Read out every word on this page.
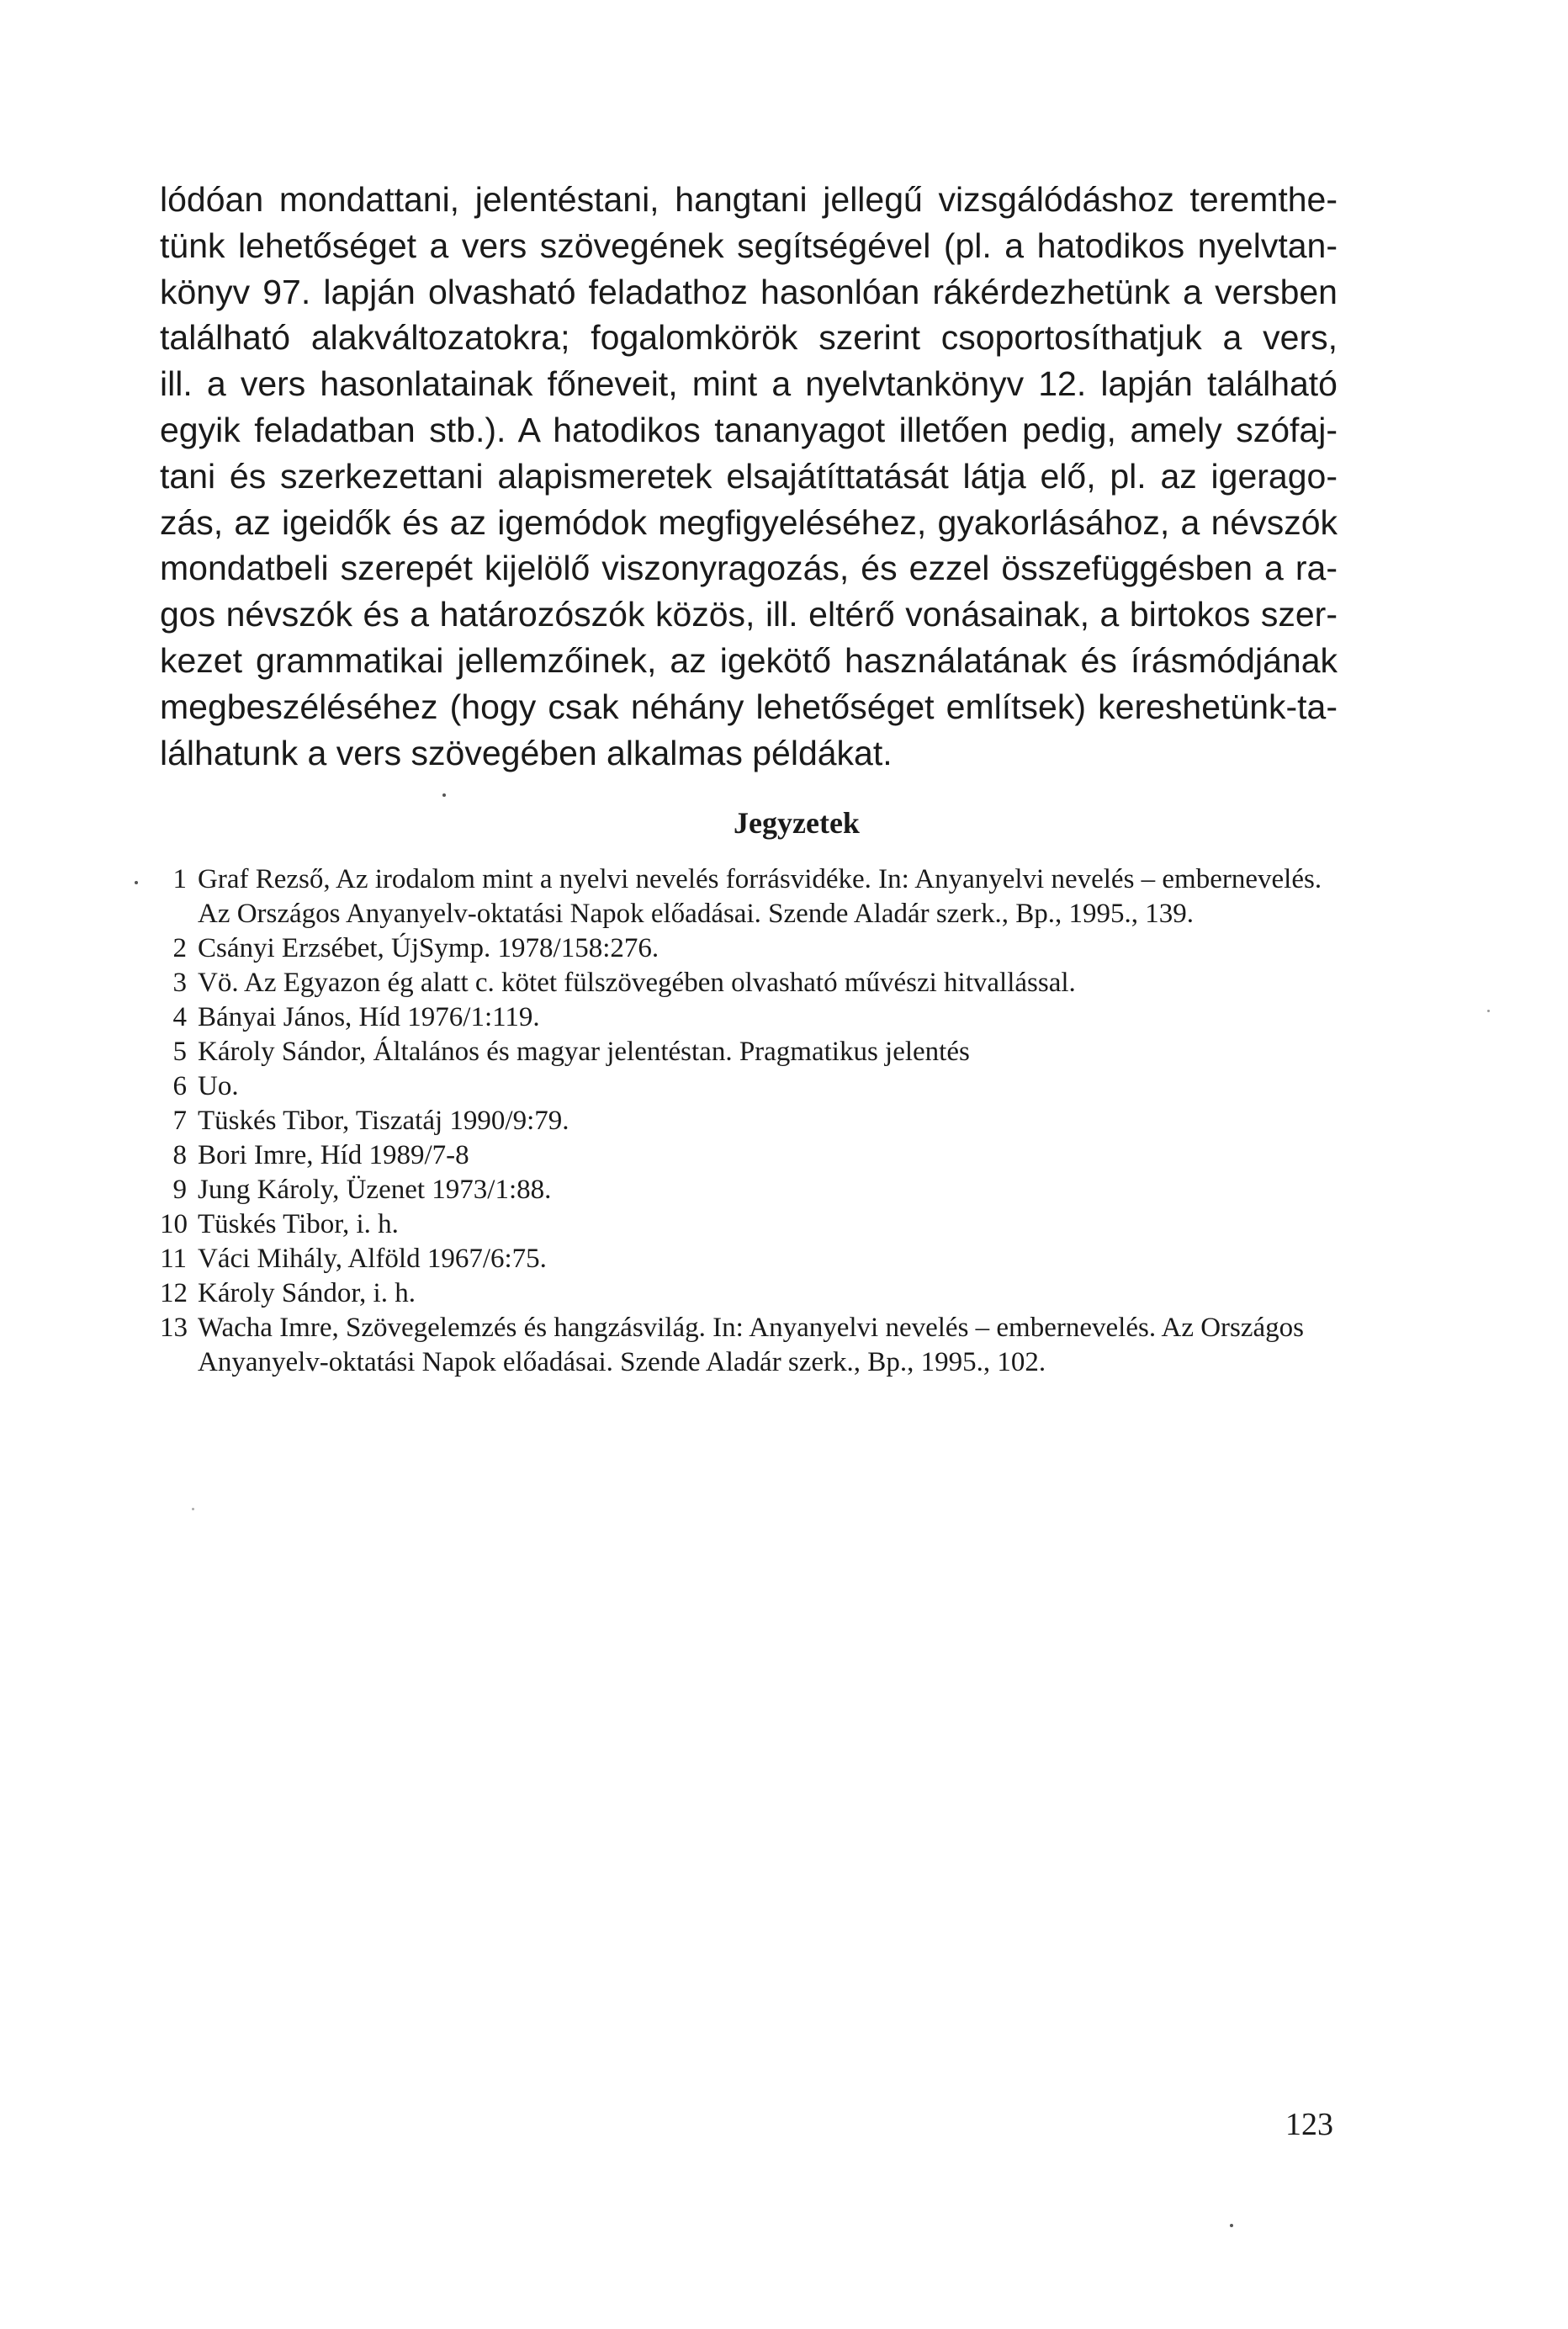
lódóan mondattani, jelentéstani, hangtani jellegű vizsgálódáshoz teremthe-
tünk lehetőséget a vers szövegének segítségével (pl. a hatodikos nyelvtan-
könyv 97. lapján olvasható feladathoz hasonlóan rákérdezhetünk a versben
található alakváltozatokra; fogalomkörök szerint csoportosíthatjuk a vers,
ill. a vers hasonlatainak főneveit, mint a nyelvtankönyv 12. lapján található
egyik feladatban stb.). A hatodikos tananyagot illetően pedig, amely szófaj-
tani és szerkezettani alapismeretek elsajátíttatását látja elő, pl. az igerago-
zás, az igeidők és az igemódok megfigyeléséhez, gyakorlásához, a névszók
mondatbeli szerepét kijelölő viszonyragozás, és ezzel összefüggésben a ra-
gos névszók és a határozószók közös, ill. eltérő vonásainak, a birtokos szer-
kezet grammatikai jellemzőinek, az igekötő használatának és írásmódjának
megbeszéléséhez (hogy csak néhány lehetőséget említsek) kereshetünk-ta-
lálhatunk a vers szövegében alkalmas példákat.
Jegyzetek
1 Graf Rezső, Az irodalom mint a nyelvi nevelés forrásvidéke. In: Anyanyelvi nevelés – embernevelés. Az Országos Anyanyelv-oktatási Napok előadásai. Szende Aladár szerk., Bp., 1995., 139.
2 Csányi Erzsébet, ÚjSymp. 1978/158:276.
3 Vö. Az Egyazon ég alatt c. kötet fülszövegében olvasható művészi hitvallással.
4 Bányai János, Híd 1976/1:119.
5 Károly Sándor, Általános és magyar jelentéstan. Pragmatikus jelentés
6 Uo.
7 Tüskés Tibor, Tiszatáj 1990/9:79.
8 Bori Imre, Híd 1989/7-8
9 Jung Károly, Üzenet 1973/1:88.
10 Tüskés Tibor, i. h.
11 Váci Mihály, Alföld 1967/6:75.
12 Károly Sándor, i. h.
13 Wacha Imre, Szövegelemzés és hangzásvilág. In: Anyanyelvi nevelés – embernevelés. Az Országos Anyanyelv-oktatási Napok előadásai. Szende Aladár szerk., Bp., 1995., 102.
123
